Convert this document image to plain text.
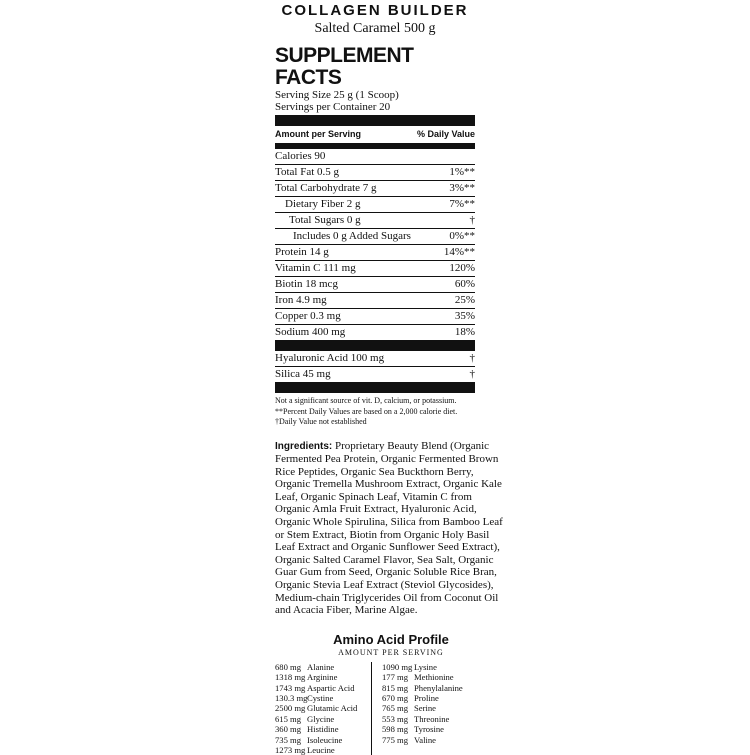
COLLAGEN BUILDER
Salted Caramel 500 g
SUPPLEMENT FACTS
Serving Size 25 g (1 Scoop)
Servings per Container 20
Amount per Serving	% Daily Value
Calories 90
Total Fat 0.5 g	1%**
Total Carbohydrate 7 g	3%**
Dietary Fiber 2 g	7%**
Total Sugars 0 g	†
Includes 0 g Added Sugars	0%**
Protein 14 g	14%**
Vitamin C 111 mg	120%
Biotin 18 mcg	60%
Iron 4.9 mg	25%
Copper 0.3 mg	35%
Sodium 400 mg	18%
Hyaluronic Acid 100 mg	†
Silica 45 mg	†
Not a significant source of vit. D, calcium, or potassium.
**Percent Daily Values are based on a 2,000 calorie diet.
†Daily Value not established
Ingredients: Proprietary Beauty Blend (Organic Fermented Pea Protein, Organic Fermented Brown Rice Peptides, Organic Sea Buckthorn Berry, Organic Tremella Mushroom Extract, Organic Kale Leaf, Organic Spinach Leaf, Vitamin C from Organic Amla Fruit Extract, Hyaluronic Acid, Organic Whole Spirulina, Silica from Bamboo Leaf or Stem Extract, Biotin from Organic Holy Basil Leaf Extract and Organic Sunflower Seed Extract), Organic Salted Caramel Flavor, Sea Salt, Organic Guar Gum from Seed, Organic Soluble Rice Bran, Organic Stevia Leaf Extract (Steviol Glycosides), Medium-chain Triglycerides Oil from Coconut Oil and Acacia Fiber, Marine Algae.
Amino Acid Profile
AMOUNT PER SERVING
680 mg Alanine
1318 mg Arginine
1743 mg Aspartic Acid
130.3 mg Cystine
2500 mg Glutamic Acid
615 mg Glycine
360 mg Histidine
735 mg Isoleucine
1273 mg Leucine
1090 mg Lysine
177 mg Methionine
815 mg Phenylalanine
670 mg Proline
765 mg Serine
553 mg Threonine
598 mg Tyrosine
775 mg Valine
